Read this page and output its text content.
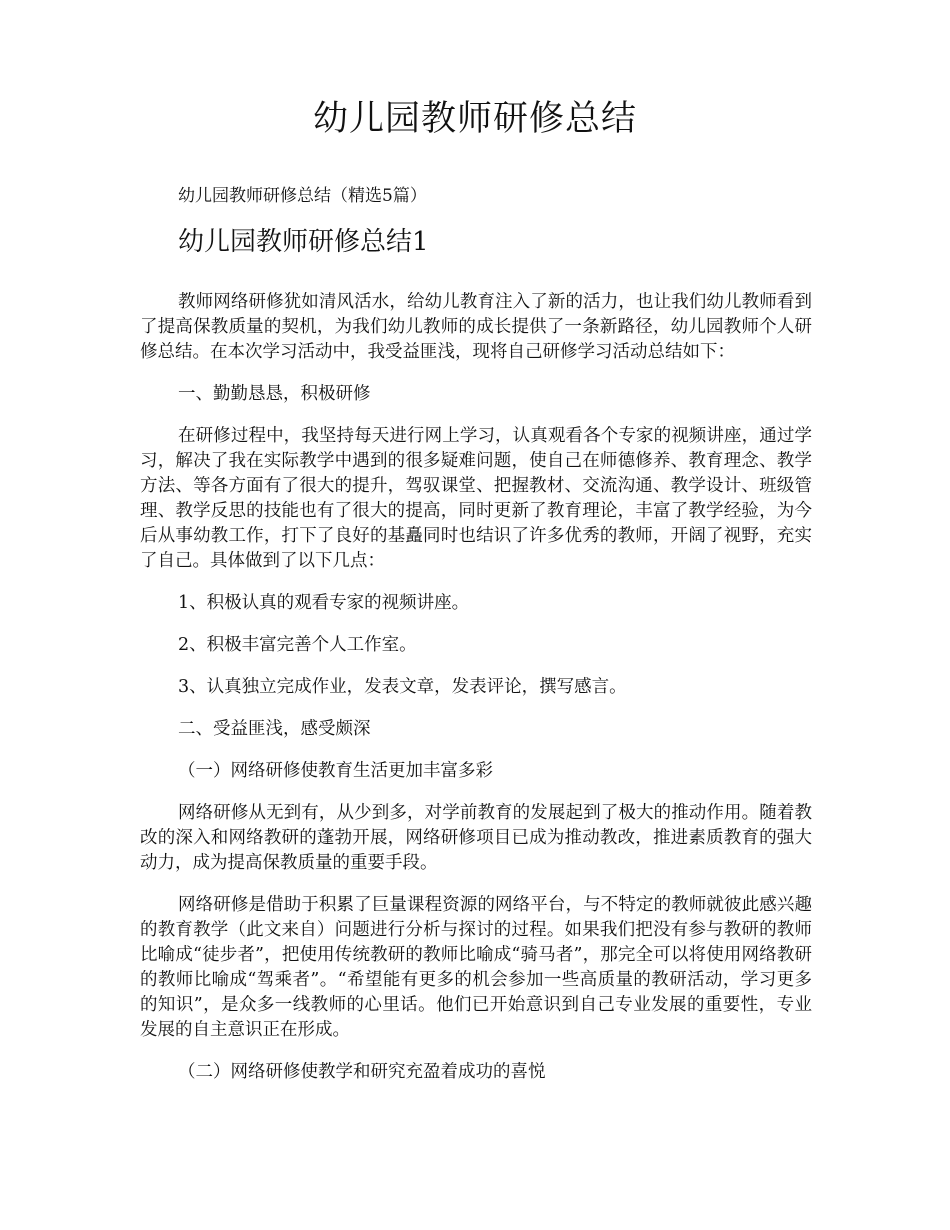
幼儿园教师研修总结
幼儿园教师研修总结（精选5篇）
幼儿园教师研修总结1

教师网络研修犹如清风活水，给幼儿教育注入了新的活力，也让我们幼儿教师看到了提高保教质量的契机，为我们幼儿教师的成长提供了一条新路径，幼儿园教师个人研修总结。在本次学习活动中，我受益匪浅，现将自己研修学习活动总结如下：

一、勤勤恳恳，积极研修

在研修过程中，我坚持每天进行网上学习，认真观看各个专家的视频讲座，通过学习，解决了我在实际教学中遇到的很多疑难问题，使自己在师德修养、教育理念、教学方法、等各方面有了很大的提升，驾驭课堂、把握教材、交流沟通、教学设计、班级管理、教学反思的技能也有了很大的提高，同时更新了教育理论，丰富了教学经验，为今后从事幼教工作，打下了良好的基矗同时也结识了许多优秀的教师，开阔了视野，充实了自己。具体做到了以下几点：

1、积极认真的观看专家的视频讲座。

2、积极丰富完善个人工作室。

3、认真独立完成作业，发表文章，发表评论，撰写感言。

二、受益匪浅，感受颇深

（一）网络研修使教育生活更加丰富多彩

网络研修从无到有，从少到多，对学前教育的发展起到了极大的推动作用。随着教改的深入和网络教研的蓬勃开展，网络研修项目已成为推动教改，推进素质教育的强大动力，成为提高保教质量的重要手段。

网络研修是借助于积累了巨量课程资源的网络平台，与不特定的教师就彼此感兴趣的教育教学（此文来自）问题进行分析与探讨的过程。如果我们把没有参与教研的教师比喻成“徒步者”，把使用传统教研的教师比喻成“骑马者”，那完全可以将使用网络教研的教师比喻成“驾乘者”。“希望能有更多的机会参加一些高质量的教研活动，学习更多的知识”，是众多一线教师的心里话。他们已开始意识到自己专业发展的重要性，专业发展的自主意识正在形成。

（二）网络研修使教学和研究充盈着成功的喜悦
